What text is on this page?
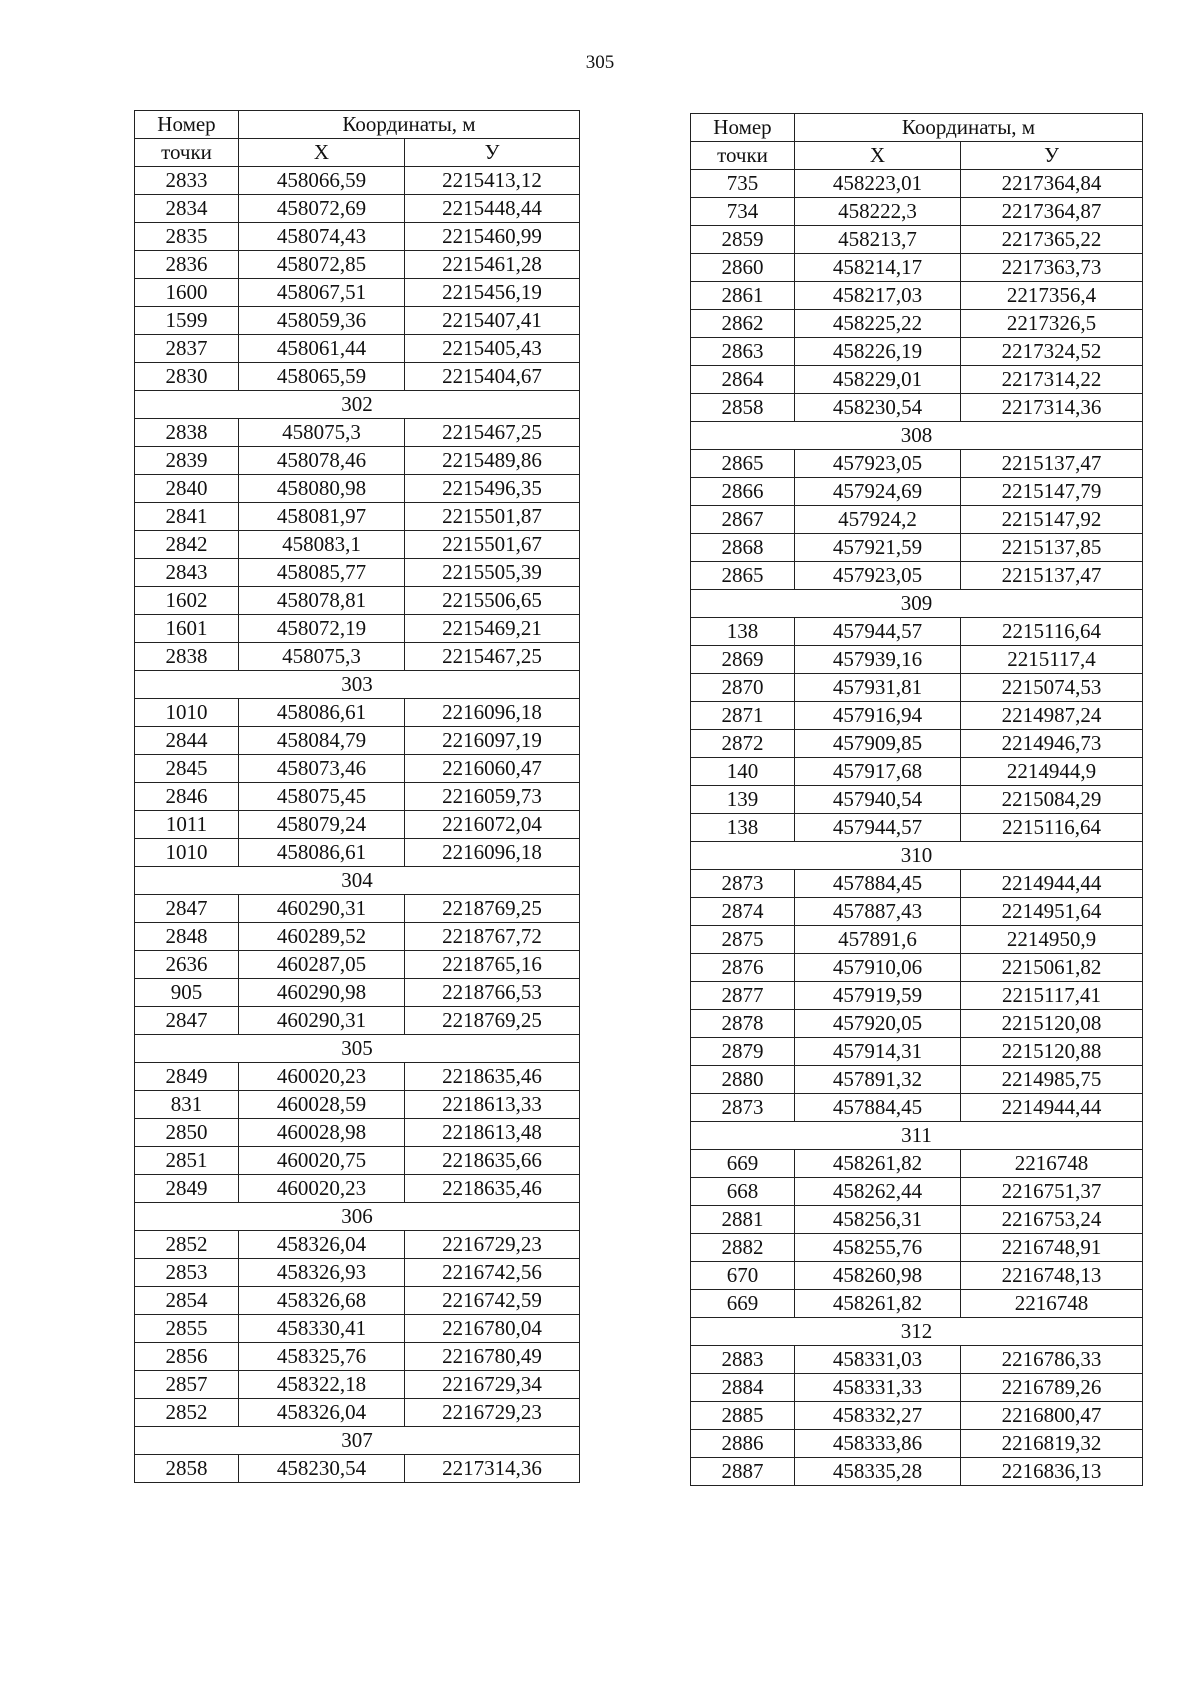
305
Номер	Координаты, м	
точки	Х	У
2833	458066,59	2215413,12
2834	458072,69	2215448,44
2835	458074,43	2215460,99
2836	458072,85	2215461,28
1600	458067,51	2215456,19
1599	458059,36	2215407,41
2837	458061,44	2215405,43
2830	458065,59	2215404,67
302		
2838	458075,3	2215467,25
2839	458078,46	2215489,86
2840	458080,98	2215496,35
2841	458081,97	2215501,87
2842	458083,1	2215501,67
2843	458085,77	2215505,39
1602	458078,81	2215506,65
1601	458072,19	2215469,21
2838	458075,3	2215467,25
303		
1010	458086,61	2216096,18
2844	458084,79	2216097,19
2845	458073,46	2216060,47
2846	458075,45	2216059,73
1011	458079,24	2216072,04
1010	458086,61	2216096,18
304		
2847	460290,31	2218769,25
2848	460289,52	2218767,72
2636	460287,05	2218765,16
905	460290,98	2218766,53
2847	460290,31	2218769,25
305		
2849	460020,23	2218635,46
831	460028,59	2218613,33
2850	460028,98	2218613,48
2851	460020,75	2218635,66
2849	460020,23	2218635,46
306		
2852	458326,04	2216729,23
2853	458326,93	2216742,56
2854	458326,68	2216742,59
2855	458330,41	2216780,04
2856	458325,76	2216780,49
2857	458322,18	2216729,34
2852	458326,04	2216729,23
307		
2858	458230,54	2217314,36
Номер	Координаты, м	
точки	Х	У
735	458223,01	2217364,84
734	458222,3	2217364,87
2859	458213,7	2217365,22
2860	458214,17	2217363,73
2861	458217,03	2217356,4
2862	458225,22	2217326,5
2863	458226,19	2217324,52
2864	458229,01	2217314,22
2858	458230,54	2217314,36
308		
2865	457923,05	2215137,47
2866	457924,69	2215147,79
2867	457924,2	2215147,92
2868	457921,59	2215137,85
2865	457923,05	2215137,47
309		
138	457944,57	2215116,64
2869	457939,16	2215117,4
2870	457931,81	2215074,53
2871	457916,94	2214987,24
2872	457909,85	2214946,73
140	457917,68	2214944,9
139	457940,54	2215084,29
138	457944,57	2215116,64
310		
2873	457884,45	2214944,44
2874	457887,43	2214951,64
2875	457891,6	2214950,9
2876	457910,06	2215061,82
2877	457919,59	2215117,41
2878	457920,05	2215120,08
2879	457914,31	2215120,88
2880	457891,32	2214985,75
2873	457884,45	2214944,44
311		
669	458261,82	2216748
668	458262,44	2216751,37
2881	458256,31	2216753,24
2882	458255,76	2216748,91
670	458260,98	2216748,13
669	458261,82	2216748
312		
2883	458331,03	2216786,33
2884	458331,33	2216789,26
2885	458332,27	2216800,47
2886	458333,86	2216819,32
2887	458335,28	2216836,13
